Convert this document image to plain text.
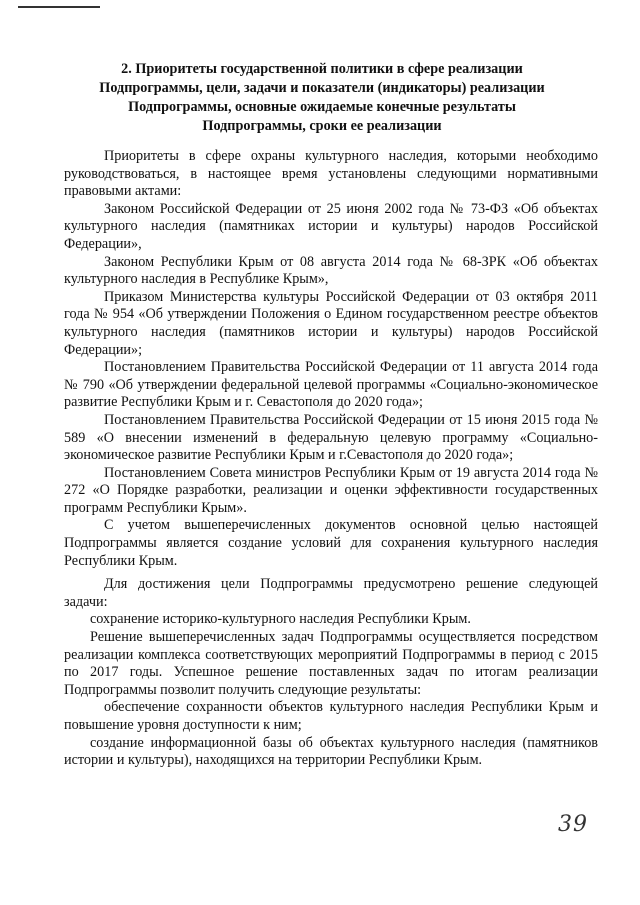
2. Приоритеты государственной политики в сфере реализации
Подпрограммы, цели, задачи и показатели (индикаторы) реализации
Подпрограммы, основные ожидаемые конечные результаты
Подпрограммы, сроки ее реализации

Приоритеты в сфере охраны культурного наследия, которыми необходимо руководствоваться, в настоящее время установлены следующими нормативными правовыми актами:

Законом Российской Федерации от 25 июня 2002 года № 73-ФЗ «Об объектах культурного наследия (памятниках истории и культуры) народов Российской Федерации»,

Законом Республики Крым от 08 августа 2014 года № 68-ЗРК «Об объектах культурного наследия в Республике Крым»,

Приказом Министерства культуры Российской Федерации от 03 октября 2011 года № 954 «Об утверждении Положения о Едином государственном реестре объектов культурного наследия (памятников истории и культуры) народов Российской Федерации»;

Постановлением Правительства Российской Федерации от 11 августа 2014 года № 790 «Об утверждении федеральной целевой программы «Социально-экономическое развитие Республики Крым и г. Севастополя до 2020 года»;

Постановлением Правительства Российской Федерации от 15 июня 2015 года № 589 «О внесении изменений в федеральную целевую программу «Социально-экономическое развитие Республики Крым и г.Севастополя до 2020 года»;

Постановлением Совета министров Республики Крым от 19 августа 2014 года № 272 «О Порядке разработки, реализации и оценки эффективности государственных программ Республики Крым».

С учетом вышеперечисленных документов основной целью настоящей Подпрограммы является создание условий для сохранения культурного наследия Республики Крым.

Для достижения цели Подпрограммы предусмотрено решение следующей задачи:

сохранение историко-культурного наследия Республики Крым.

Решение вышеперечисленных задач Подпрограммы осуществляется посредством реализации комплекса соответствующих мероприятий Подпрограммы в период с 2015 по 2017 годы. Успешное решение поставленных задач по итогам реализации Подпрограммы позволит получить следующие результаты:

обеспечение сохранности объектов культурного наследия Республики Крым и повышение уровня доступности к ним;

создание информационной базы об объектах культурного наследия (памятников истории и культуры), находящихся на территории Республики Крым.

39
